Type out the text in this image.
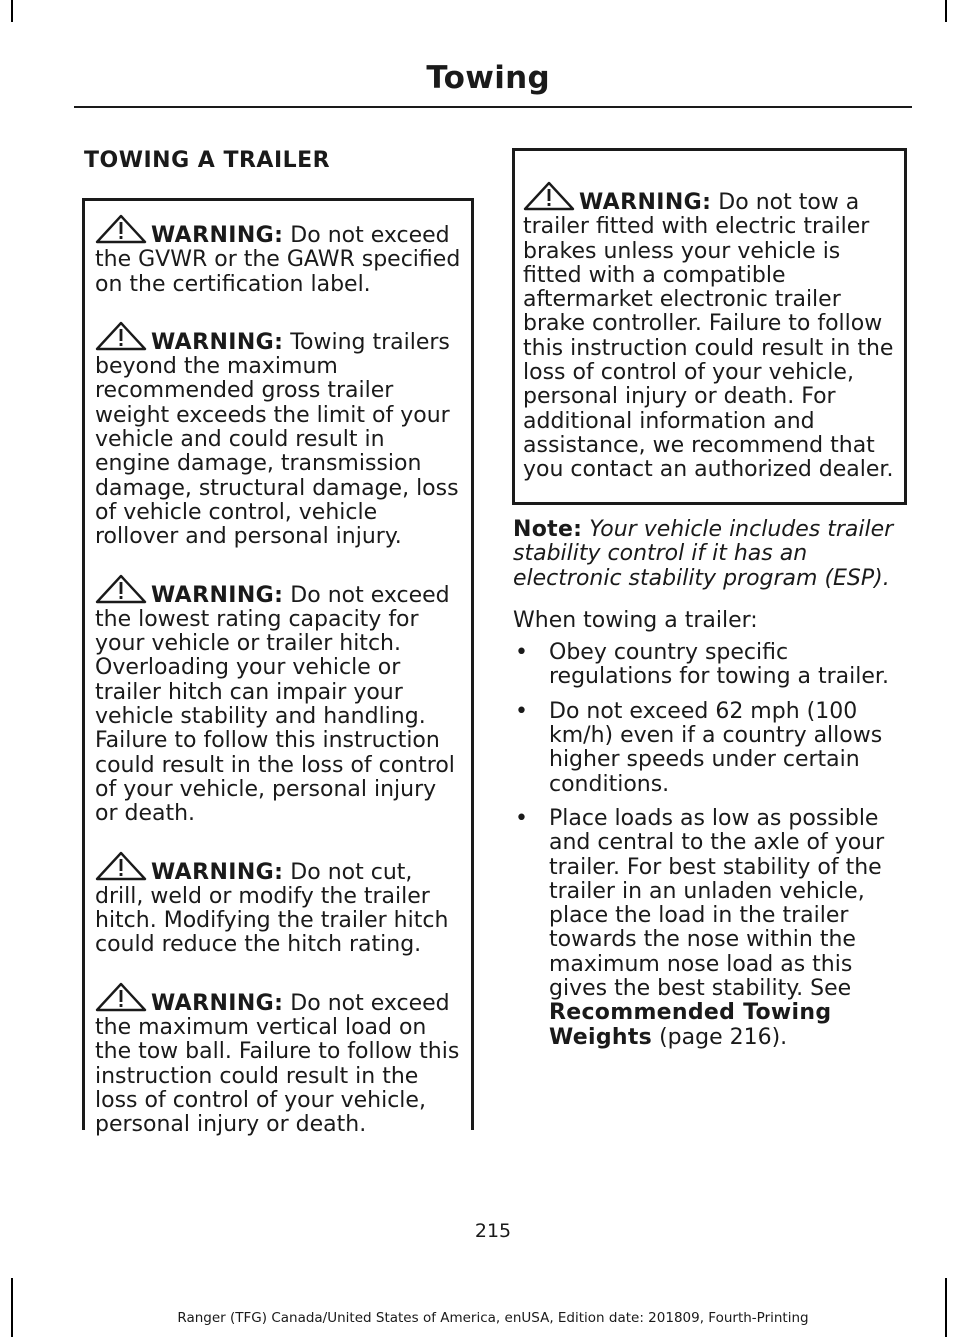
Towing
TOWING A TRAILER

WARNING: Do not exceed the GVWR or the GAWR specified on the certification label.

WARNING: Towing trailers beyond the maximum recommended gross trailer weight exceeds the limit of your vehicle and could result in engine damage, transmission damage, structural damage, loss of vehicle control, vehicle rollover and personal injury.

WARNING: Do not exceed the lowest rating capacity for your vehicle or trailer hitch. Overloading your vehicle or trailer hitch can impair your vehicle stability and handling. Failure to follow this instruction could result in the loss of control of your vehicle, personal injury or death.

WARNING: Do not cut, drill, weld or modify the trailer hitch. Modifying the trailer hitch could reduce the hitch rating.

WARNING: Do not exceed the maximum vertical load on the tow ball. Failure to follow this instruction could result in the loss of control of your vehicle, personal injury or death.

WARNING: Do not tow a trailer fitted with electric trailer brakes unless your vehicle is fitted with a compatible aftermarket electronic trailer brake controller. Failure to follow this instruction could result in the loss of control of your vehicle, personal injury or death. For additional information and assistance, we recommend that you contact an authorized dealer.

Note: Your vehicle includes trailer stability control if it has an electronic stability program (ESP).

When towing a trailer:

• Obey country specific regulations for towing a trailer.
• Do not exceed 62 mph (100 km/h) even if a country allows higher speeds under certain conditions.
• Place loads as low as possible and central to the axle of your trailer. For best stability of the trailer in an unladen vehicle, place the load in the trailer towards the nose within the maximum nose load as this gives the best stability. See Recommended Towing Weights (page 216).
215
Ranger (TFG) Canada/United States of America, enUSA, Edition date: 201809, Fourth-Printing
